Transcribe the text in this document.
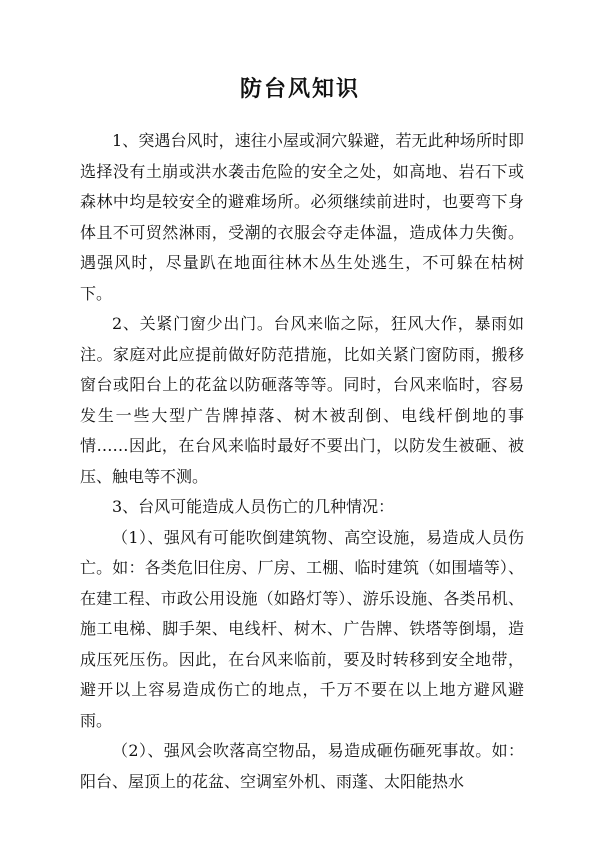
防台风知识

1、突遇台风时，速往小屋或洞穴躲避，若无此种场所时即选择没有土崩或洪水袭击危险的安全之处，如高地、岩石下或森林中均是较安全的避难场所。必须继续前进时，也要弯下身体且不可贸然淋雨，受潮的衣服会夺走体温，造成体力失衡。遇强风时，尽量趴在地面往林木丛生处逃生，不可躲在枯树下。

2、关紧门窗少出门。台风来临之际，狂风大作，暴雨如注。家庭对此应提前做好防范措施，比如关紧门窗防雨，搬移窗台或阳台上的花盆以防砸落等等。同时，台风来临时，容易发生一些大型广告牌掉落、树木被刮倒、电线杆倒地的事情……因此，在台风来临时最好不要出门，以防发生被砸、被压、触电等不测。

3、台风可能造成人员伤亡的几种情况：

（1）、强风有可能吹倒建筑物、高空设施，易造成人员伤亡。如：各类危旧住房、厂房、工棚、临时建筑（如围墙等）、在建工程、市政公用设施（如路灯等）、游乐设施、各类吊机、施工电梯、脚手架、电线杆、树木、广告牌、铁塔等倒塌，造成压死压伤。因此，在台风来临前，要及时转移到安全地带，避开以上容易造成伤亡的地点，千万不要在以上地方避风避雨。

（2）、强风会吹落高空物品，易造成砸伤砸死事故。如：阳台、屋顶上的花盆、空调室外机、雨蓬、太阳能热水
